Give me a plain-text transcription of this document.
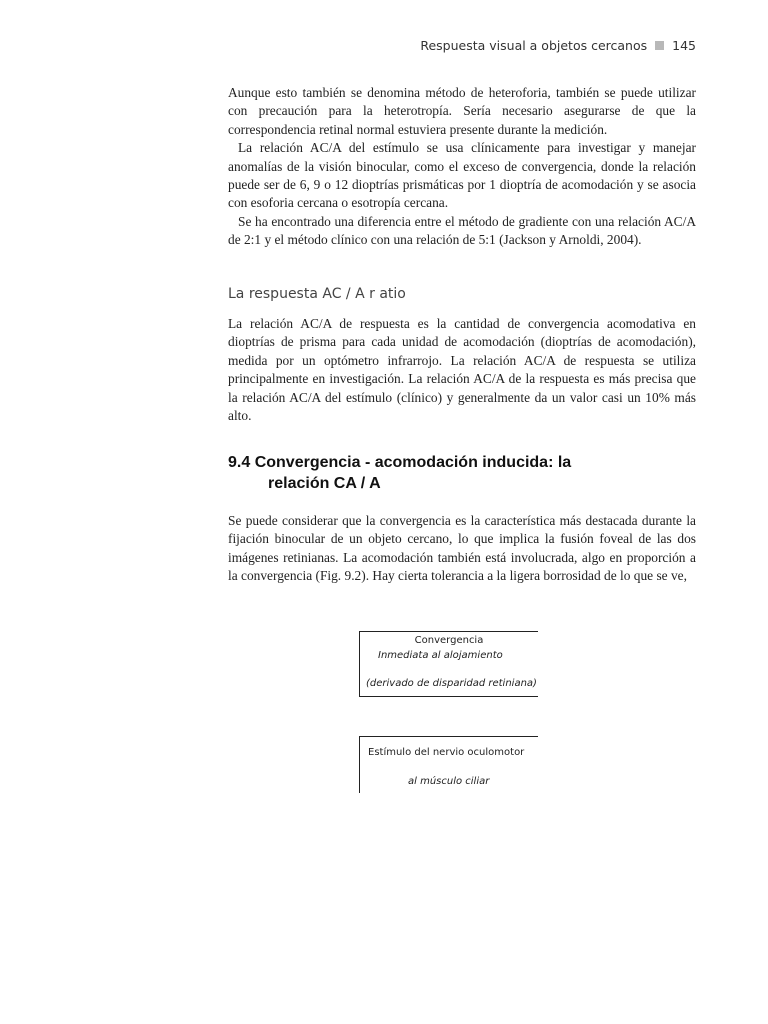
Respuesta visual a objetos cercanos 145

Aunque esto también se denomina método de heteroforia, también se puede utilizar con precaución para la heterotropía. Sería necesario asegurarse de que la correspondencia retinal normal estuviera presente durante la medición.

La relación AC/A del estímulo se usa clínicamente para investigar y manejar anomalías de la visión binocular, como el exceso de convergencia, donde la relación puede ser de 6, 9 o 12 dioptrías prismáticas por 1 dioptría de acomodación y se asocia con esoforia cercana o esotropía cercana.

Se ha encontrado una diferencia entre el método de gradiente con una relación AC/A de 2:1 y el método clínico con una relación de 5:1 (Jackson y Arnoldi, 2004).

La respuesta AC / A r atio

La relación AC/A de respuesta es la cantidad de convergencia acomodativa en dioptrías de prisma para cada unidad de acomodación (dioptrías de acomodación), medida por un optómetro infrarrojo. La relación AC/A de respuesta se utiliza principalmente en investigación. La relación AC/A de la respuesta es más precisa que la relación AC/A del estímulo (clínico) y generalmente da un valor casi un 10% más alto.

9.4 Convergencia - acomodación inducida: la
relación CA / A

Se puede considerar que la convergencia es la característica más destacada durante la fijación binocular de un objeto cercano, lo que implica la fusión foveal de las dos imágenes retinianas. La acomodación también está involucrada, algo en proporción a la convergencia (Fig. 9.2). Hay cierta tolerancia a la ligera borrosidad de lo que se ve,

Convergencia
Inmediata al alojamiento
(derivado de disparidad retiniana)
Estímulo del nervio oculomotor
al músculo ciliar
